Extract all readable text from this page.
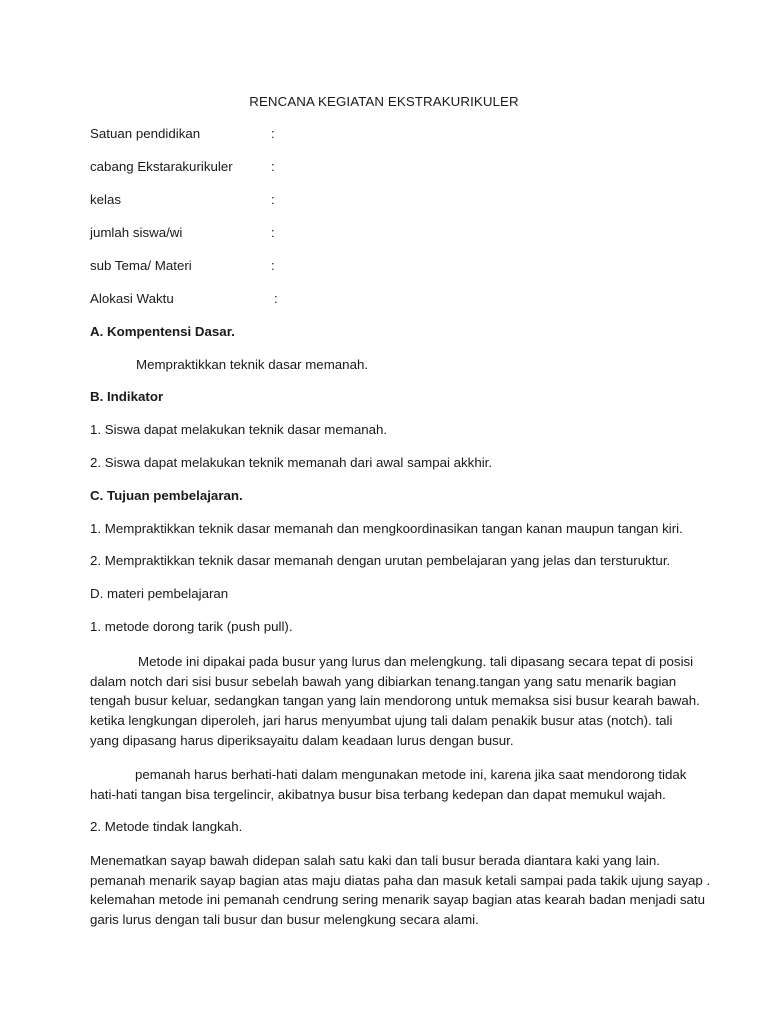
RENCANA KEGIATAN EKSTRAKURIKULER
Satuan pendidikan	:
cabang Ekstarakurikuler	:
kelas	:
jumlah siswa/wi	:
sub Tema/ Materi	:
Alokasi Waktu	:
A. Kompentensi Dasar.
Mempraktikkan teknik dasar memanah.
B. Indikator
1. Siswa dapat melakukan teknik dasar memanah.
2. Siswa dapat melakukan teknik memanah dari awal sampai akkhir.
C. Tujuan pembelajaran.
1. Mempraktikkan teknik dasar memanah dan mengkoordinasikan tangan kanan maupun tangan kiri.
2. Mempraktikkan teknik dasar memanah dengan urutan pembelajaran yang jelas dan tersturuktur.
D. materi pembelajaran
1. metode dorong tarik (push pull).
Metode ini dipakai pada busur yang lurus dan melengkung. tali dipasang secara tepat di posisi
dalam notch dari sisi busur sebelah bawah yang dibiarkan tenang.tangan yang satu menarik bagian
tengah busur keluar, sedangkan tangan yang lain mendorong untuk memaksa sisi busur kearah bawah.
ketika lengkungan diperoleh, jari harus menyumbat ujung tali dalam penakik busur atas (notch). tali
yang dipasang harus diperiksayaitu dalam keadaan lurus dengan busur.
pemanah harus berhati-hati dalam mengunakan metode ini, karena jika saat mendorong tidak
hati-hati tangan bisa tergelincir, akibatnya busur bisa terbang kedepan dan dapat memukul wajah.
2. Metode tindak langkah.
Menematkan sayap bawah didepan salah satu kaki dan tali busur berada diantara kaki yang lain.
pemanah menarik sayap bagian atas maju diatas paha dan masuk ketali sampai pada takik ujung sayap .
kelemahan metode ini pemanah cendrung sering menarik sayap bagian atas kearah badan menjadi satu
garis lurus dengan tali busur dan busur melengkung secara alami.
